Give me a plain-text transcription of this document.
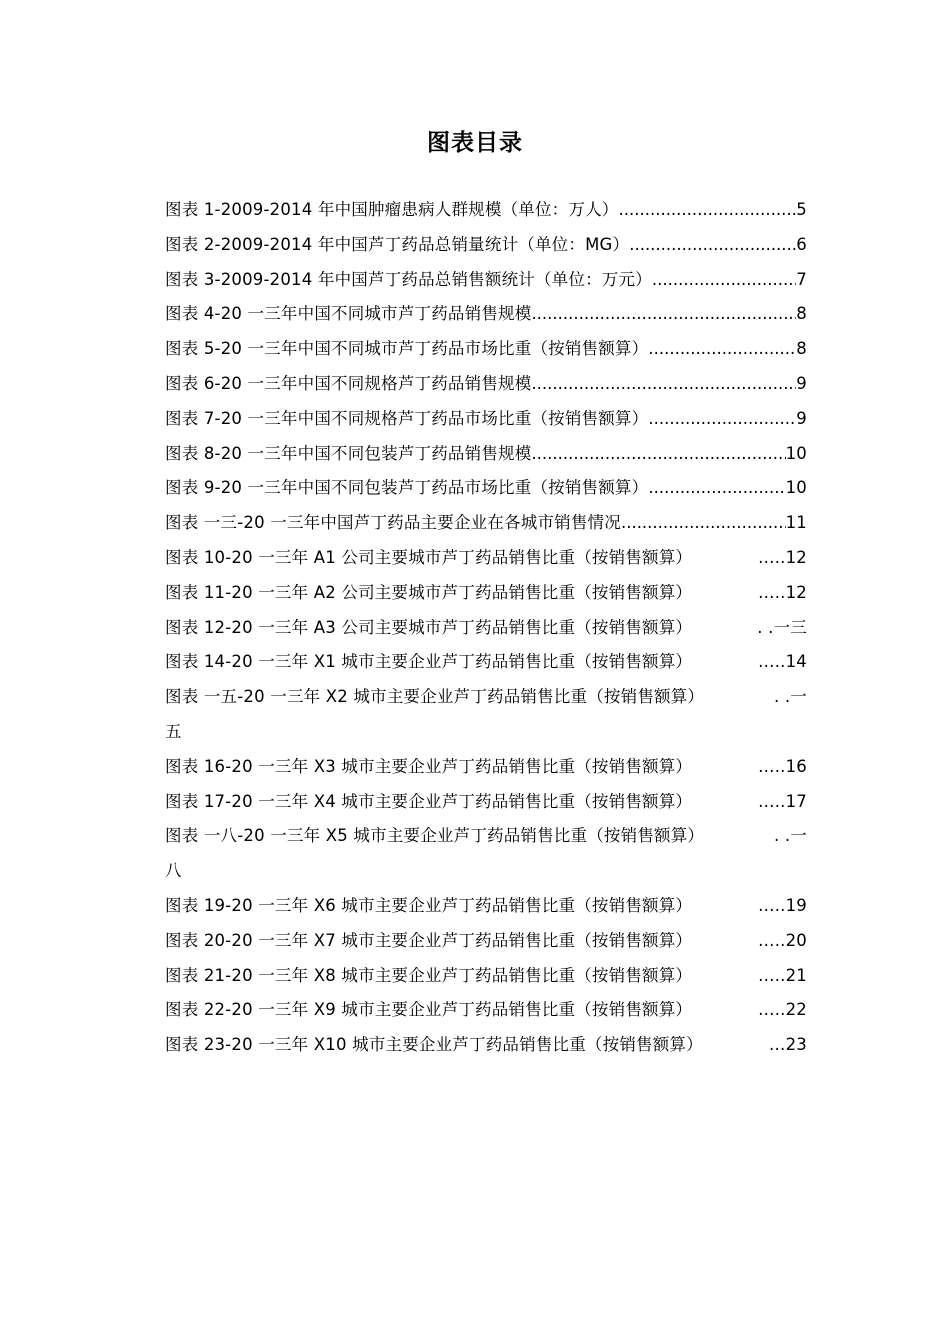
图表目录
图表 1-2009-2014 年中国肿瘤患病人群规模（单位：万人） .....	5
图表 2-2009-2014 年中国芦丁药品总销量统计（单位：MG） .....	6
图表 3-2009-2014 年中国芦丁药品总销售额统计（单位：万元） .....	7
图表 4-20 一三年中国不同城市芦丁药品销售规模 .....	8
图表 5-20 一三年中国不同城市芦丁药品市场比重（按销售额算） .....	8
图表 6-20 一三年中国不同规格芦丁药品销售规模 .....	9
图表 7-20 一三年中国不同规格芦丁药品市场比重（按销售额算） .....	9
图表 8-20 一三年中国不同包装芦丁药品销售规模 .....	10
图表 9-20 一三年中国不同包装芦丁药品市场比重（按销售额算） .....	10
图表 一三-20 一三年中国芦丁药品主要企业在各城市销售情况 .....	11
图表 10-20 一三年 A1 公司主要城市芦丁药品销售比重（按销售额算）	….. 12
图表 11-20 一三年 A2 公司主要城市芦丁药品销售比重（按销售额算）	….. 12
图表 12-20 一三年 A3 公司主要城市芦丁药品销售比重（按销售额算）	. . 一三
图表 14-20 一三年 X1 城市主要企业芦丁药品销售比重（按销售额算）	….. 14
图表 一五-20 一三年 X2 城市主要企业芦丁药品销售比重（按销售额算）	. . 一
五
图表 16-20 一三年 X3 城市主要企业芦丁药品销售比重（按销售额算）	….. 16
图表 17-20 一三年 X4 城市主要企业芦丁药品销售比重（按销售额算）	….. 17
图表 一八-20 一三年 X5 城市主要企业芦丁药品销售比重（按销售额算）	. . 一
八
图表 19-20 一三年 X6 城市主要企业芦丁药品销售比重（按销售额算）	….. 19
图表 20-20 一三年 X7 城市主要企业芦丁药品销售比重（按销售额算）	….. 20
图表 21-20 一三年 X8 城市主要企业芦丁药品销售比重（按销售额算）	….. 21
图表 22-20 一三年 X9 城市主要企业芦丁药品销售比重（按销售额算）	….. 22
图表 23-20 一三年 X10 城市主要企业芦丁药品销售比重（按销售额算）	… 23
